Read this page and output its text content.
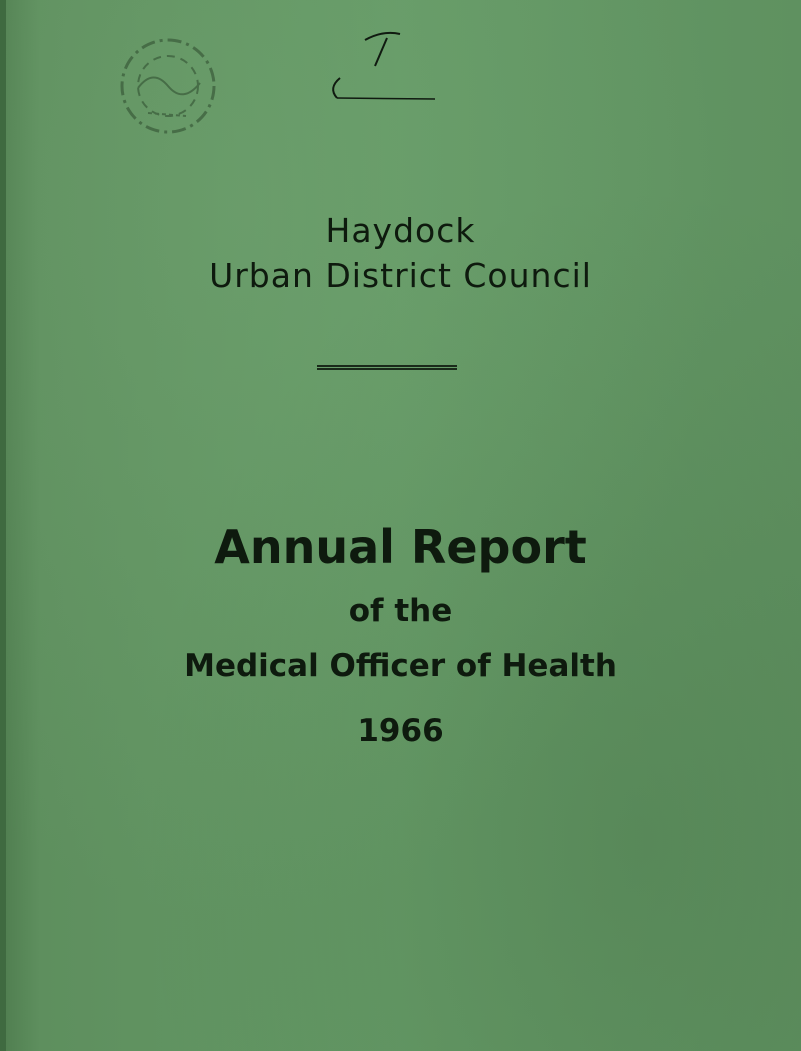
Haydock
Urban District Council
Annual Report
of the
Medical Officer of Health
1966
